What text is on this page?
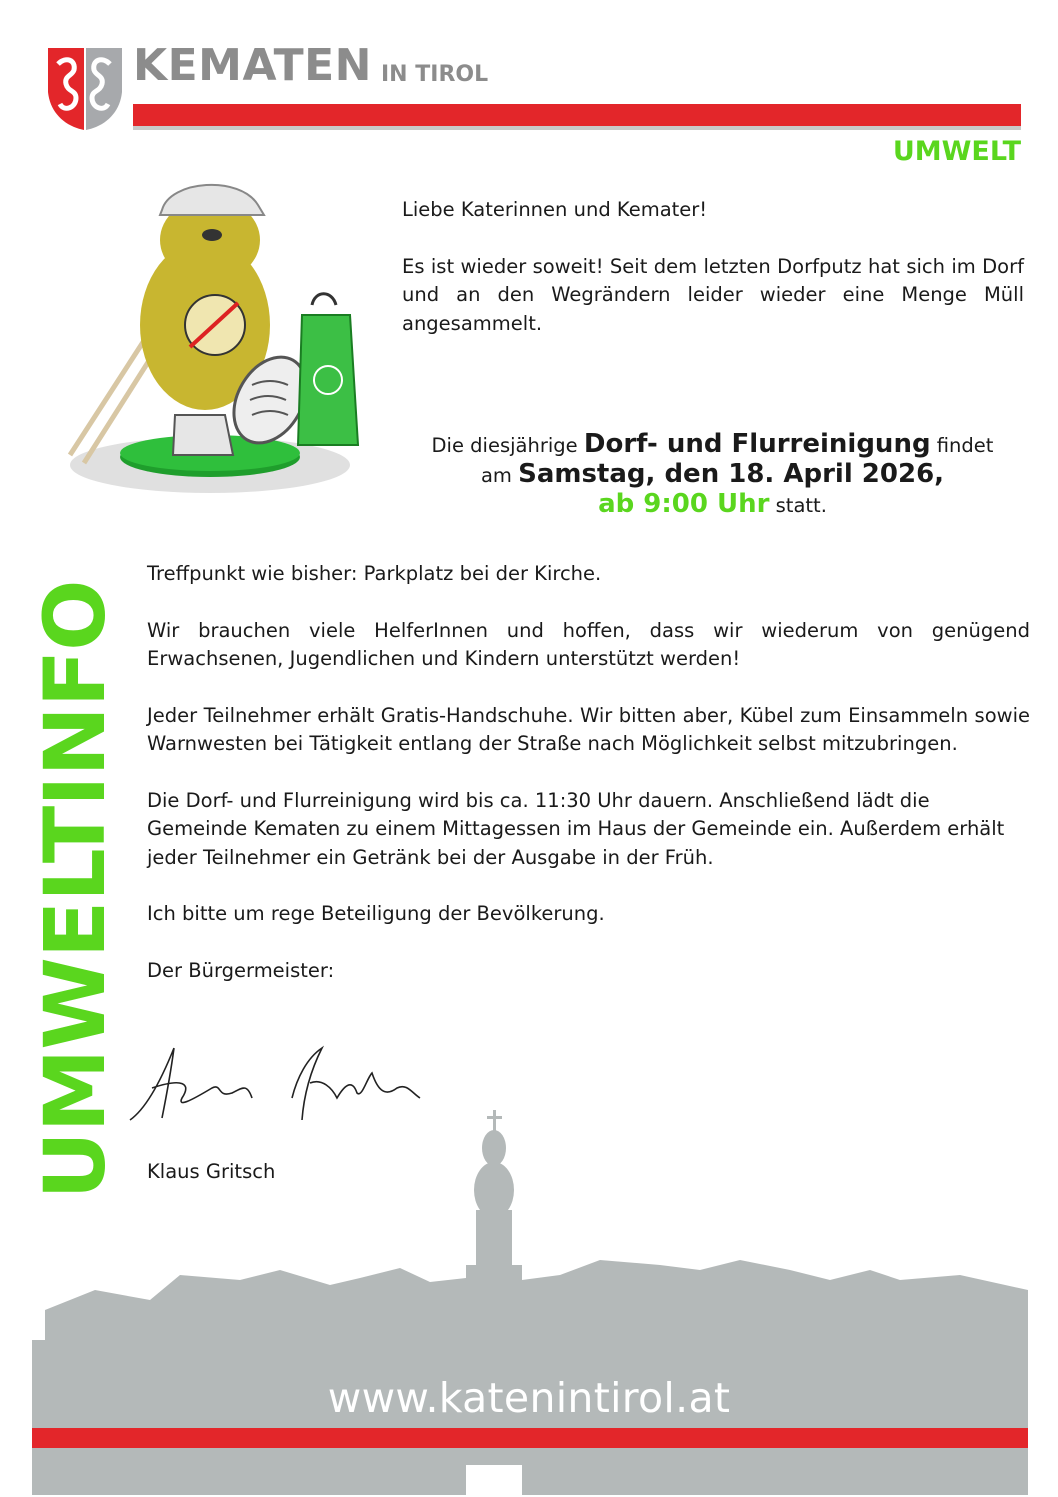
KEMATEN IN TIROL
UMWELT

Liebe Katerinnen und Kemater!

Es ist wieder soweit! Seit dem letzten Dorfputz hat sich im Dorf und an den Wegrändern leider wieder eine Menge Müll angesammelt.

Die diesjährige Dorf- und Flurreinigung findet
am Samstag, den 18. April 2026,
ab 9:00 Uhr statt.
UMWELTINFO
www.katenintirol.at

Treffpunkt wie bisher: Parkplatz bei der Kirche.

Wir brauchen viele HelferInnen und hoffen, dass wir wiederum von genügend Erwachsenen, Jugendlichen und Kindern unterstützt werden!

Jeder Teilnehmer erhält Gratis-Handschuhe. Wir bitten aber, Kübel zum Einsammeln sowie Warnwesten bei Tätigkeit entlang der Straße nach Möglichkeit selbst mitzubringen.

Die Dorf- und Flurreinigung wird bis ca. 11:30 Uhr dauern. Anschließend lädt die Gemeinde Kematen zu einem Mittagessen im Haus der Gemeinde ein. Außerdem erhält jeder Teilnehmer ein Getränk bei der Ausgabe in der Früh.

Ich bitte um rege Beteiligung der Bevölkerung.

Der Bürgermeister:

Klaus Gritsch
